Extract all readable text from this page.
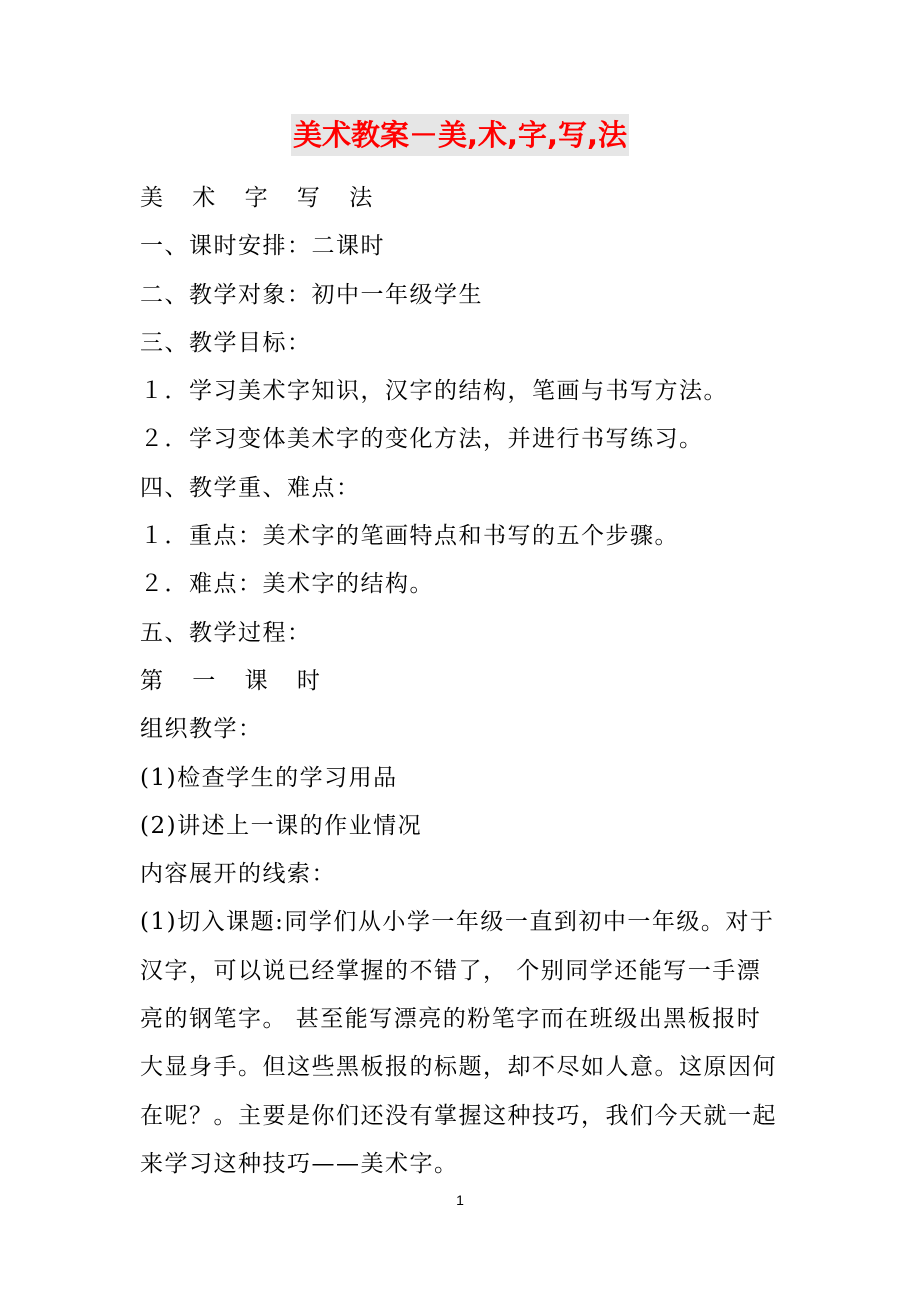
美术教案－美,术,字,写,法
美 术 字 写 法
一、课时安排：二课时
二、教学对象：初中一年级学生
三、教学目标：
１．学习美术字知识，汉字的结构，笔画与书写方法。
２．学习变体美术字的变化方法，并进行书写练习。
四、教学重、难点：
１．重点：美术字的笔画特点和书写的五个步骤。
２．难点：美术字的结构。
五、教学过程：
第 一 课 时
组织教学：
(1)检查学生的学习用品
(2)讲述上一课的作业情况
内容展开的线索：
(1)切入课题:同学们从小学一年级一直到初中一年级。对于
汉字，可以说已经掌握的不错了， 个别同学还能写一手漂
亮的钢笔字。 甚至能写漂亮的粉笔字而在班级出黑板报时
大显身手。但这些黑板报的标题，却不尽如人意。这原因何
在呢？。主要是你们还没有掌握这种技巧，我们今天就一起
来学习这种技巧——美术字。
1
